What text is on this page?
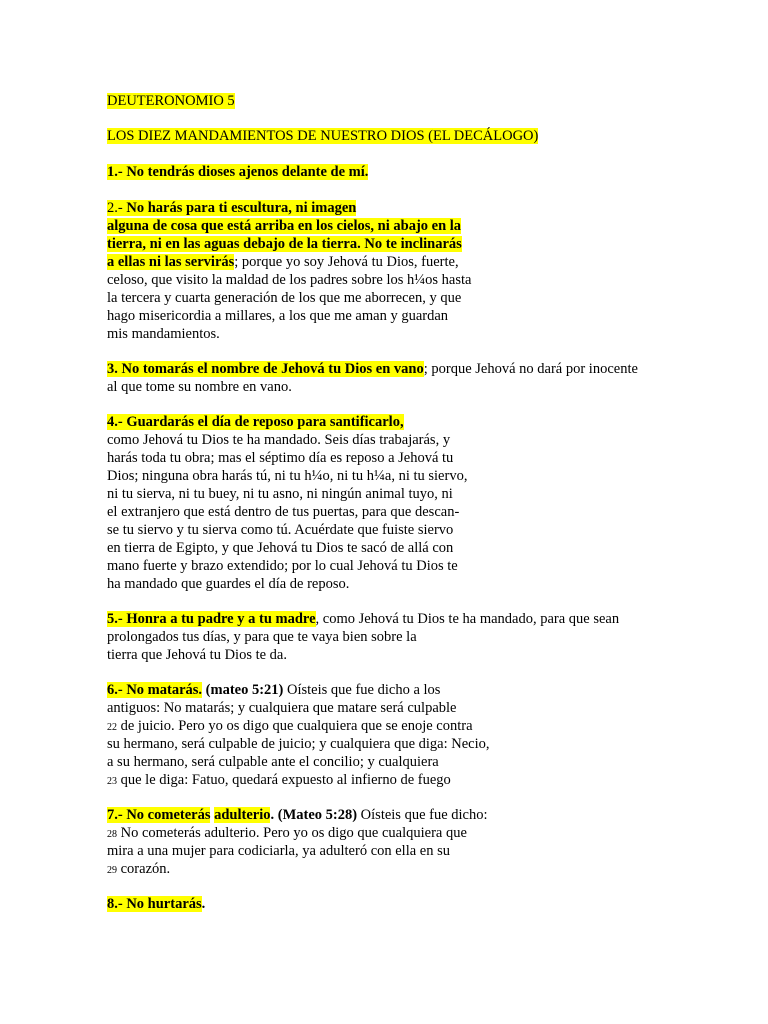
DEUTERONOMIO 5
LOS DIEZ MANDAMIENTOS DE NUESTRO DIOS (EL DECÁLOGO)
1.- No tendrás dioses ajenos delante de mí.
2.- No harás para ti escultura, ni imagen
alguna de cosa que está arriba en los cielos, ni abajo en la
tierra, ni en las aguas debajo de la tierra. No te inclinarás
a ellas ni las servirás; porque yo soy Jehová tu Dios, fuerte,
celoso, que visito la maldad de los padres sobre los h¼os hasta
la tercera y cuarta generación de los que me aborrecen, y que
hago misericordia a millares, a los que me aman y guardan
mis mandamientos.
3. No tomarás el nombre de Jehová tu Dios en vano; porque Jehová no dará por inocente
al que tome su nombre en vano.
4.- Guardarás el día de reposo para santificarlo,
como Jehová tu Dios te ha mandado. Seis días trabajarás, y
harás toda tu obra; mas el séptimo día es reposo a Jehová tu
Dios; ninguna obra harás tú, ni tu h¼o, ni tu h¼a, ni tu siervo,
ni tu sierva, ni tu buey, ni tu asno, ni ningún animal tuyo, ni
el extranjero que está dentro de tus puertas, para que descan-
se tu siervo y tu sierva como tú. Acuérdate que fuiste siervo
en tierra de Egipto, y que Jehová tu Dios te sacó de allá con
mano fuerte y brazo extendido; por lo cual Jehová tu Dios te
ha mandado que guardes el día de reposo.
5.- Honra a tu padre y a tu madre, como Jehová tu Dios te ha mandado, para que sean
prolongados tus días, y para que te vaya bien sobre la
tierra que Jehová tu Dios te da.
6.- No matarás. (mateo 5:21) Oísteis que fue dicho a los
antiguos: No matarás; y cualquiera que matare será culpable
22 de juicio. Pero yo os digo que cualquiera que se enoje contra
su hermano, será culpable de juicio; y cualquiera que diga: Necio,
a su hermano, será culpable ante el concilio; y cualquiera
23 que le diga: Fatuo, quedará expuesto al infierno de fuego
7.- No cometerás adulterio. (Mateo 5:28) Oísteis que fue dicho:
28 No cometerás adulterio. Pero yo os digo que cualquiera que
mira a una mujer para codiciarla, ya adulteró con ella en su
29 corazón.
8.- No hurtarás.
